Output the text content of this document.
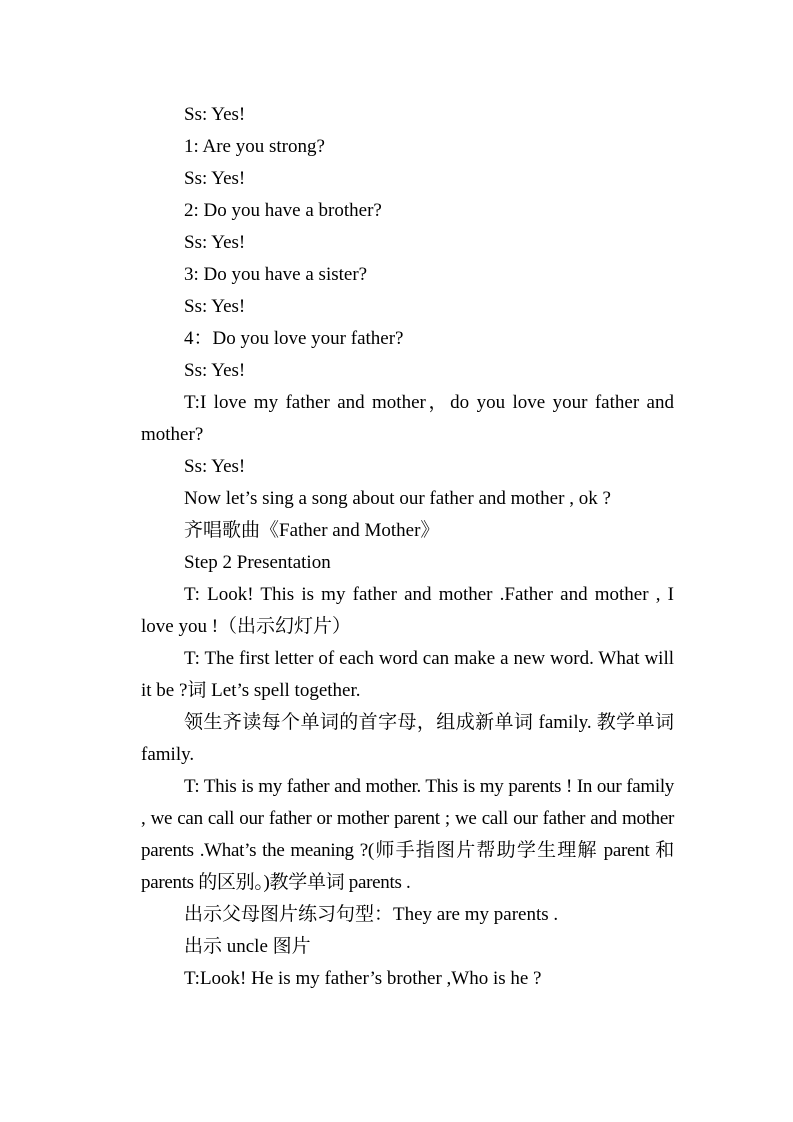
Ss: Yes!

1: Are you strong?

Ss: Yes!

2: Do you have a brother?

Ss: Yes!

3: Do you have a sister?

Ss: Yes!

4：Do you love your father?

Ss: Yes!

T:I love my father and mother，do you love your father and mother?

Ss: Yes!

Now let’s sing a song about our father and mother , ok ?

齐唱歌曲《Father and Mother》

Step 2 Presentation

T: Look! This is my father and mother .Father and mother , I love you !（出示幻灯片）

T: The first letter of each word can make a new word. What will it be ?词 Let’s spell together.

领生齐读每个单词的首字母，组成新单词 family. 教学单词 family.

T: This is my father and mother. This is my parents ! In our family , we can call our father or mother parent ; we call our father and mother parents .What’s the meaning ?(师手指图片帮助学生理解 parent 和 parents 的区别。)教学单词 parents .

出示父母图片练习句型：They are my parents .

出示 uncle 图片

T:Look! He is my father’s brother ,Who is he ?
